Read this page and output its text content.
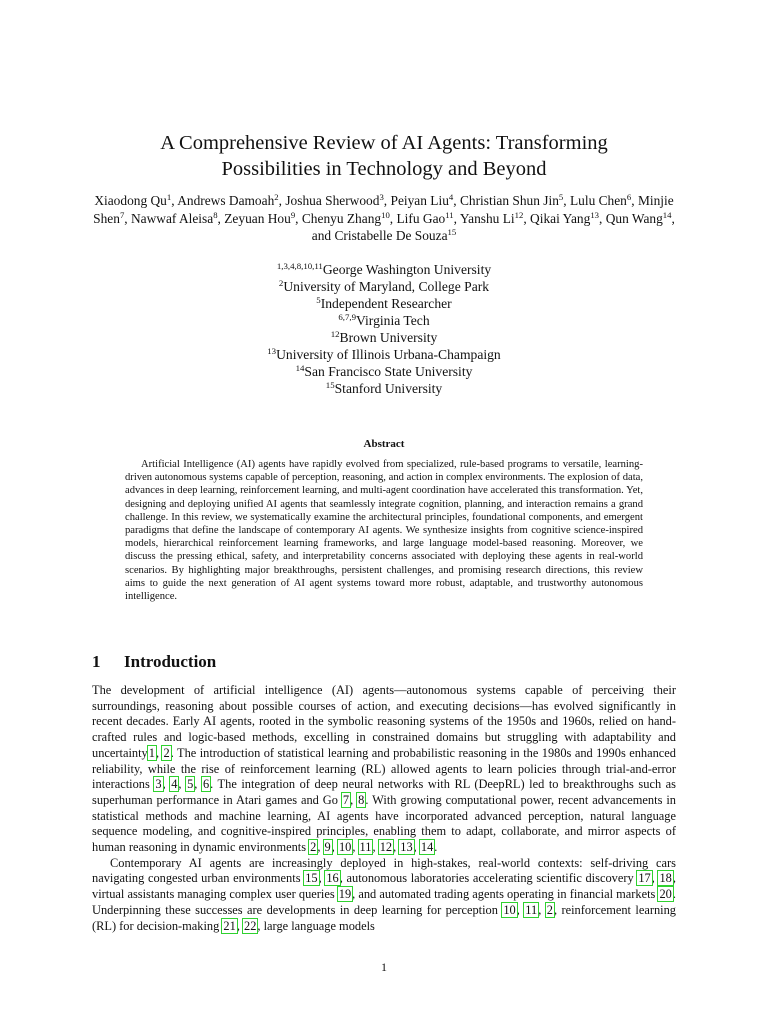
A Comprehensive Review of AI Agents: Transforming
Possibilities in Technology and Beyond

Xiaodong Qu$^1$, Andrews Damoah$^2$, Joshua Sherwood$^3$, Peiyan Liu$^4$, Christian Shun Jin$^5$, Lulu Chen$^6$, Minjie Shen$^7$, Nawwaf Aleisa$^8$, Zeyuan Hou$^9$, Chenyu Zhang$^{10}$, Lifu Gao$^{11}$, Yanshu Li$^{12}$, Qikai Yang$^{13}$, Qun Wang$^{14}$, and Cristabelle De Souza$^{15}$

$^{1,3,4,8,10,11}$George Washington University
$^2$University of Maryland, College Park
$^5$Independent Researcher
$^{6,7,9}$Virginia Tech
$^{12}$Brown University
$^{13}$University of Illinois Urbana-Champaign
$^{14}$San Francisco State University
$^{15}$Stanford University
Abstract

Artificial Intelligence (AI) agents have rapidly evolved from specialized, rule-based programs to versatile, learning-driven autonomous systems capable of perception, reasoning, and action in complex environments. The explosion of data, advances in deep learning, reinforcement learning, and multi-agent coordination have accelerated this transformation. Yet, designing and deploying unified AI agents that seamlessly integrate cognition, planning, and interaction remains a grand challenge. In this review, we systematically examine the architectural principles, foundational components, and emergent paradigms that define the landscape of contemporary AI agents. We synthesize insights from cognitive science-inspired models, hierarchical reinforcement learning frameworks, and large language model-based reasoning. Moreover, we discuss the pressing ethical, safety, and interpretability concerns associated with deploying these agents in real-world scenarios. By highlighting major breakthroughs, persistent challenges, and promising research directions, this review aims to guide the next generation of AI agent systems toward more robust, adaptable, and trustworthy autonomous intelligence.

1 Introduction

The development of artificial intelligence (AI) agents—autonomous systems capable of perceiving their surroundings, reasoning about possible courses of action, and executing decisions—has evolved significantly in recent decades. Early AI agents, rooted in the symbolic reasoning systems of the 1950s and 1960s, relied on hand-crafted rules and logic-based methods, excelling in constrained domains but struggling with adaptability and uncertainty1, 2. The introduction of statistical learning and probabilistic reasoning in the 1980s and 1990s enhanced reliability, while the rise of reinforcement learning (RL) allowed agents to learn policies through trial-and-error interactions 3, 4, 5, 6. The integration of deep neural networks with RL (DeepRL) led to breakthroughs such as superhuman performance in Atari games and Go 7, 8. With growing computational power, recent advancements in statistical methods and machine learning, AI agents have incorporated advanced perception, natural language sequence modeling, and cognitive-inspired principles, enabling them to adapt, collaborate, and mirror aspects of human reasoning in dynamic environments 2, 9, 10, 11, 12, 13, 14.

Contemporary AI agents are increasingly deployed in high-stakes, real-world contexts: self-driving cars navigating congested urban environments 15, 16, autonomous laboratories accelerating scientific discovery 17, 18, virtual assistants managing complex user queries 19, and automated trading agents operating in financial markets 20. Underpinning these successes are developments in deep learning for perception 10, 11, 2, reinforcement learning (RL) for decision-making 21, 22, large language models

1
